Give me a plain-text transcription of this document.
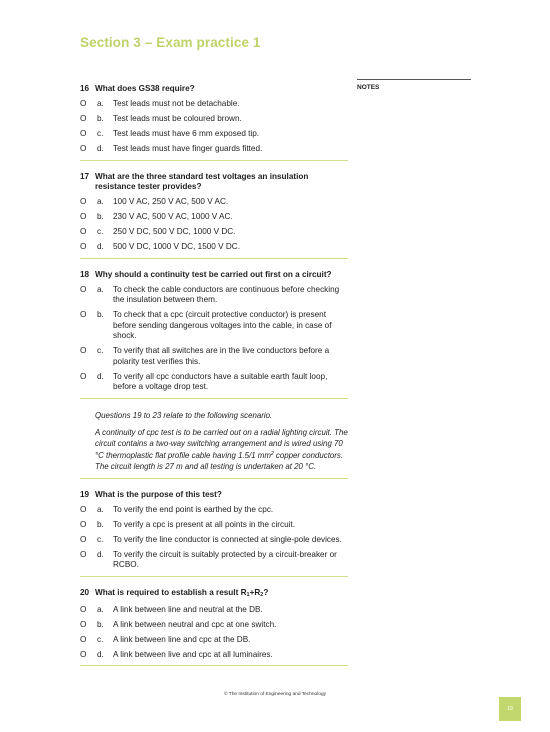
Section 3 – Exam practice 1
NOTES
16 What does GS38 require?
O	a.	Test leads must not be detachable.
O	b.	Test leads must be coloured brown.
O	c.	Test leads must have 6 mm exposed tip.
O	d.	Test leads must have finger guards fitted.
17 What are the three standard test voltages an insulation resistance tester provides?
O	a.	100 V AC, 250 V AC, 500 V AC.
O	b.	230 V AC, 500 V AC, 1000 V AC.
O	c.	250 V DC, 500 V DC, 1000 V DC.
O	d.	500 V DC, 1000 V DC, 1500 V DC.
18 Why should a continuity test be carried out first on a circuit?
O	a.	To check the cable conductors are continuous before checking the insulation between them.
O	b.	To check that a cpc (circuit protective conductor) is present before sending dangerous voltages into the cable, in case of shock.
O	c.	To verify that all switches are in the live conductors before a polarity test verifies this.
O	d.	To verify all cpc conductors have a suitable earth fault loop, before a voltage drop test.

Questions 19 to 23 relate to the following scenario.

A continuity of cpc test is to be carried out on a radial lighting circuit. The circuit contains a two-way switching arrangement and is wired using 70 °C thermoplastic flat profile cable having 1.5/1 $mm^2$ copper conductors. The circuit length is 27 m and all testing is undertaken at 20 °C.

19 What is the purpose of this test?
O	a.	To verify the end point is earthed by the cpc.
O	b.	To verify a cpc is present at all points in the circuit.
O	c.	To verify the line conductor is connected at single-pole devices.
O	d.	To verify the circuit is suitably protected by a circuit-breaker or RCBO.
20 What is required to establish a result R1+R2?
O	a.	A link between line and neutral at the DB.
O	b.	A link between neutral and cpc at one switch.
O	c.	A link between line and cpc at the DB.
O	d.	A link between live and cpc at all luminaires.
© The Institution of Engineering and Technology
19
